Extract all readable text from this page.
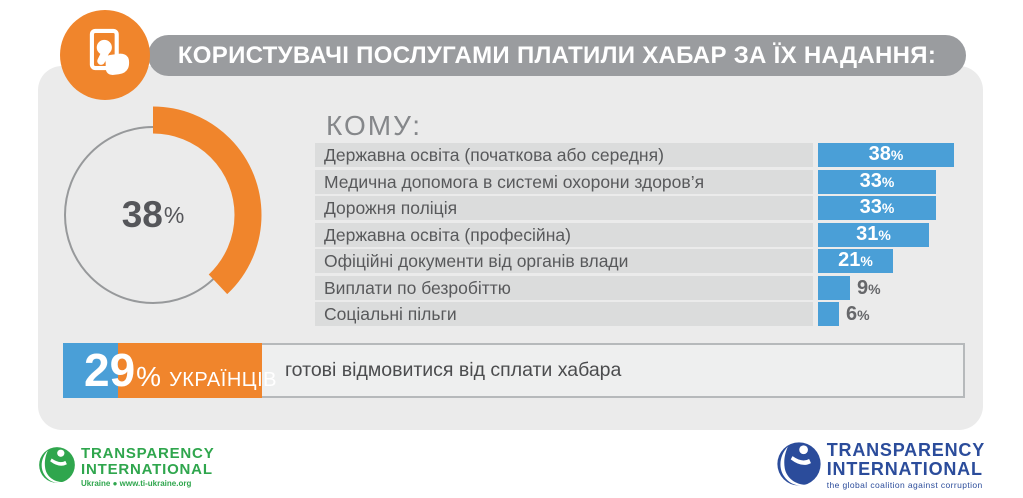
КОРИСТУВАЧІ ПОСЛУГАМИ ПЛАТИЛИ ХАБАР ЗА ЇХ НАДАННЯ:
38 %
КОМУ:
Державна освіта (початкова або середня)	38%
Медична допомога в системі охорони здоров’я	33%
Дорожня поліція	33%
Державна освіта (професійна)	31%
Офіційні документи від органів влади	21%
Виплати по безробіттю	9%
Соціальні пільги	6%
29 % УКРАЇНЦІВ готові відмовитися від сплати хабара
TRANSPARENCY
INTERNATIONAL
Ukraine ● www.ti-ukraine.org
TRANSPARENCY
INTERNATIONAL
the global coalition against corruption
